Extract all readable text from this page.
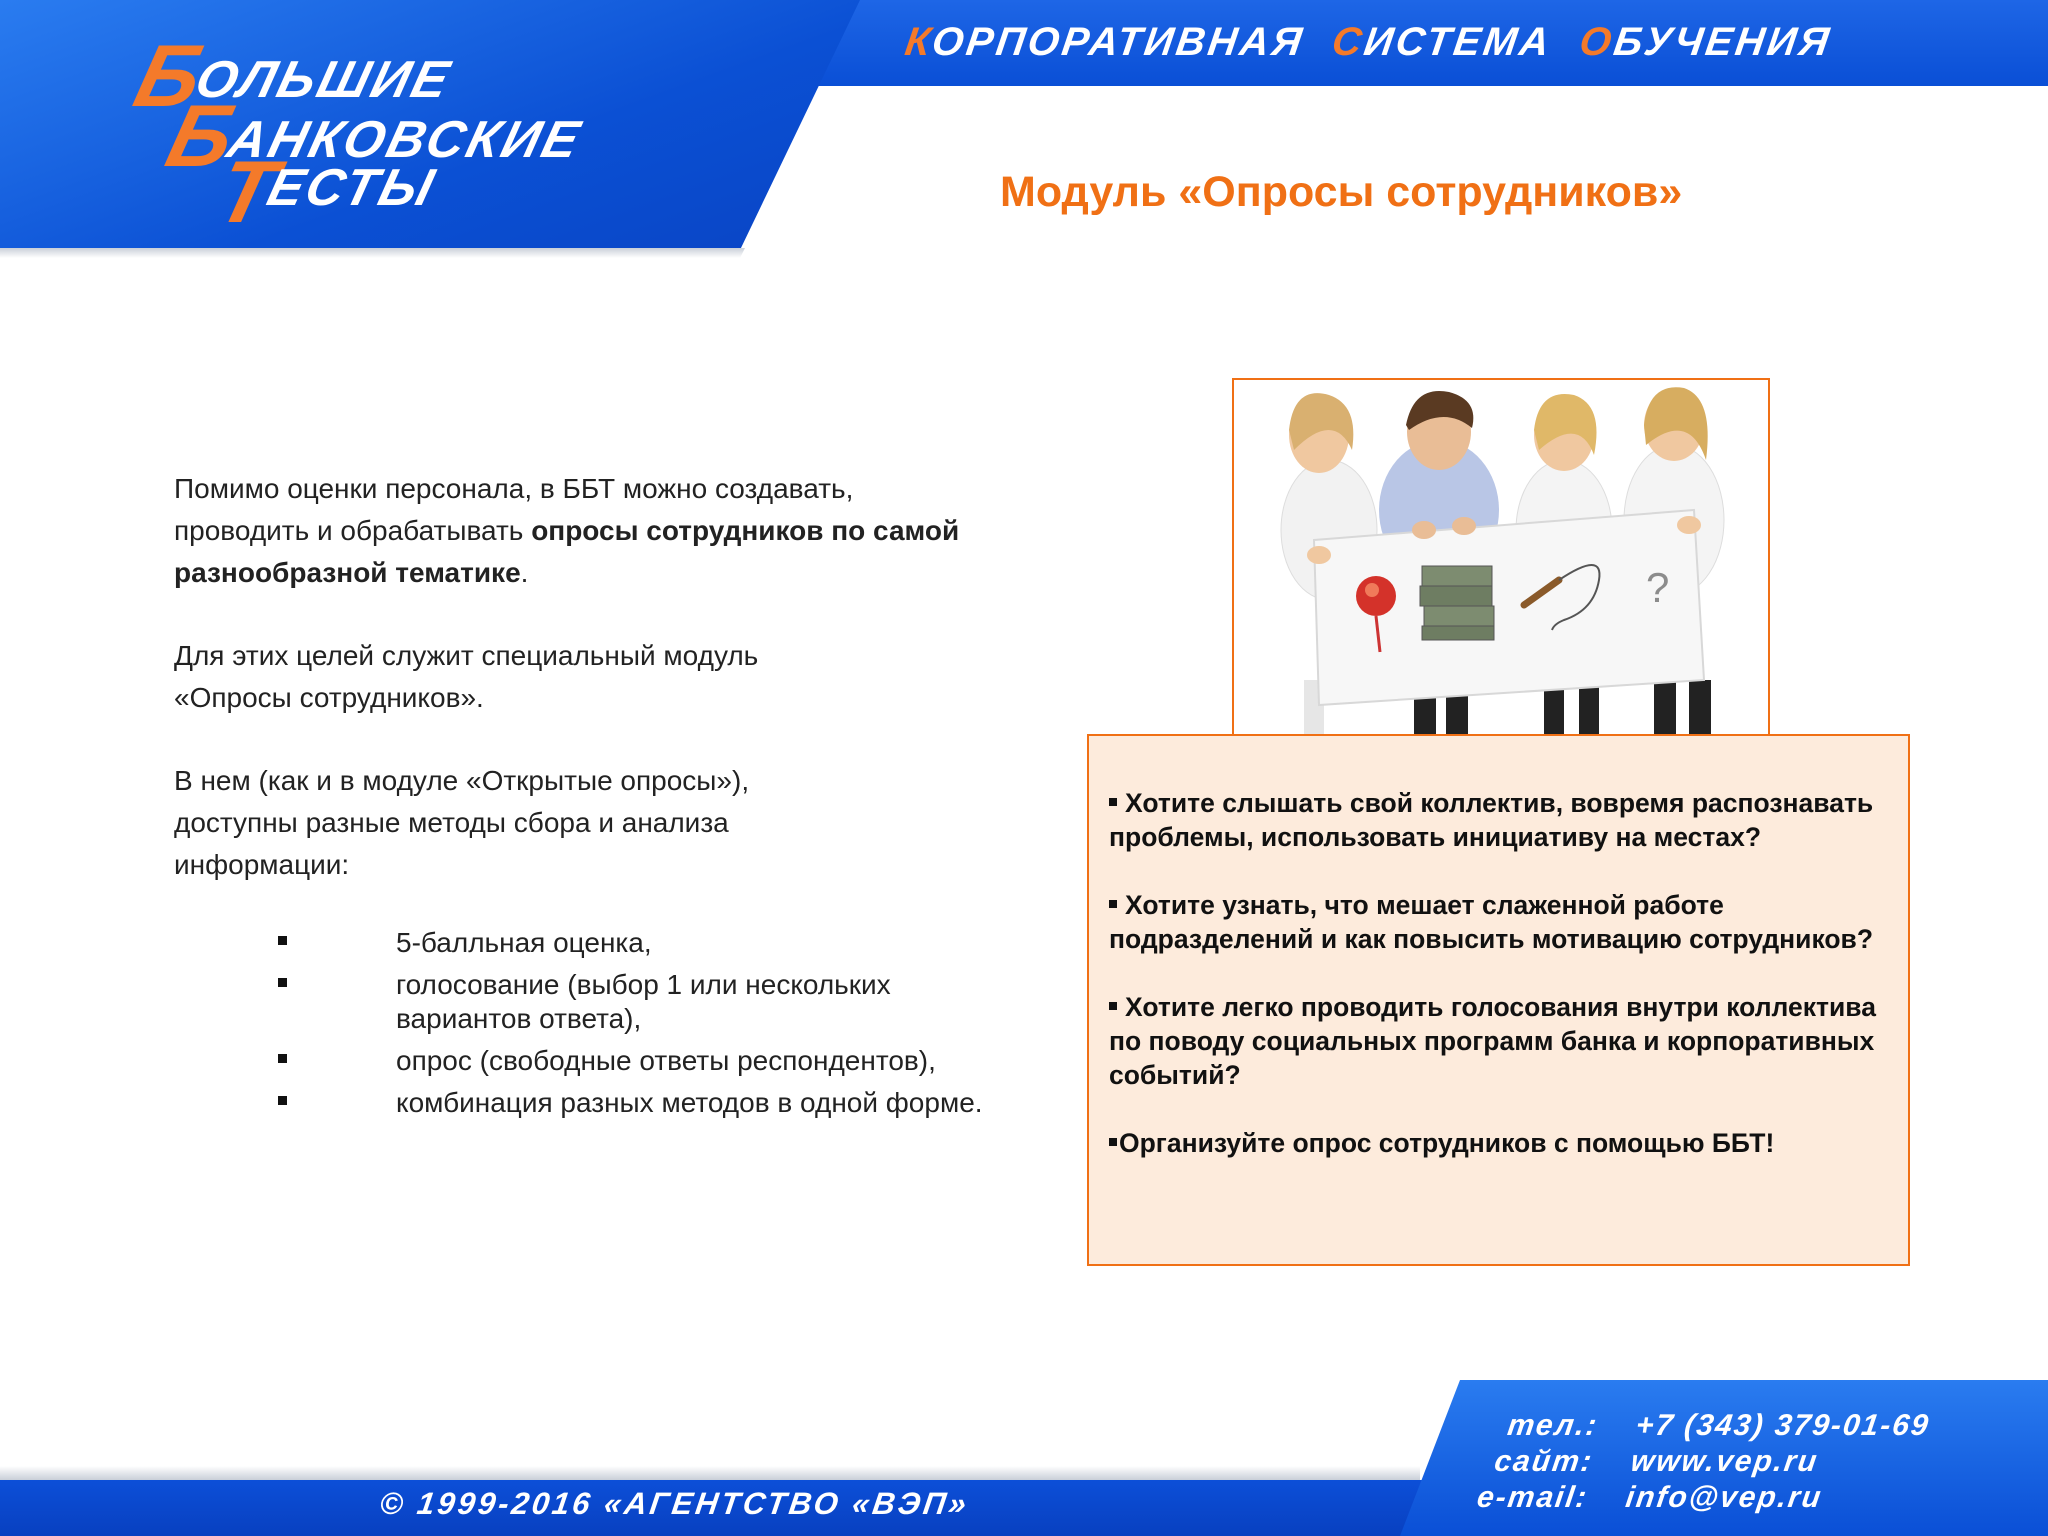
КОРПОРАТИВНАЯ СИСТЕМА ОБУЧЕНИЯ
Б
ОЛЬШИЕ
Б
АНКОВСКИЕ
Т
ЕСТЫ	Модуль «Опросы сотрудников»

Помимо оценки персонала, в ББТ можно создавать, проводить и обрабатывать опросы сотрудников по самой разнообразной тематике.

Для этих целей служит специальный модуль «Опросы сотрудников».

В нем (как и в модуле «Открытые опросы»), доступны разные методы сбора и анализа информации:

5-балльная оценка,
голосование (выбор 1 или нескольких вариантов ответа),
опрос (свободные ответы респондентов),
комбинация разных методов в одной форме.
?

Хотите слышать свой коллектив, вовремя распознавать проблемы, использовать инициативу на местах?

Хотите узнать, что мешает слаженной работе подразделений и как повысить мотивацию сотрудников?

Хотите легко проводить голосования внутри коллектива по поводу социальных программ банка и корпоративных событий?

Организуйте опрос сотрудников с помощью ББТ!

© 1999-2016 «АГЕНТСТВО «ВЭП»
тел.: +7 (343) 379-01-69
сайт: www.vep.ru
e-mail: info@vep.ru
